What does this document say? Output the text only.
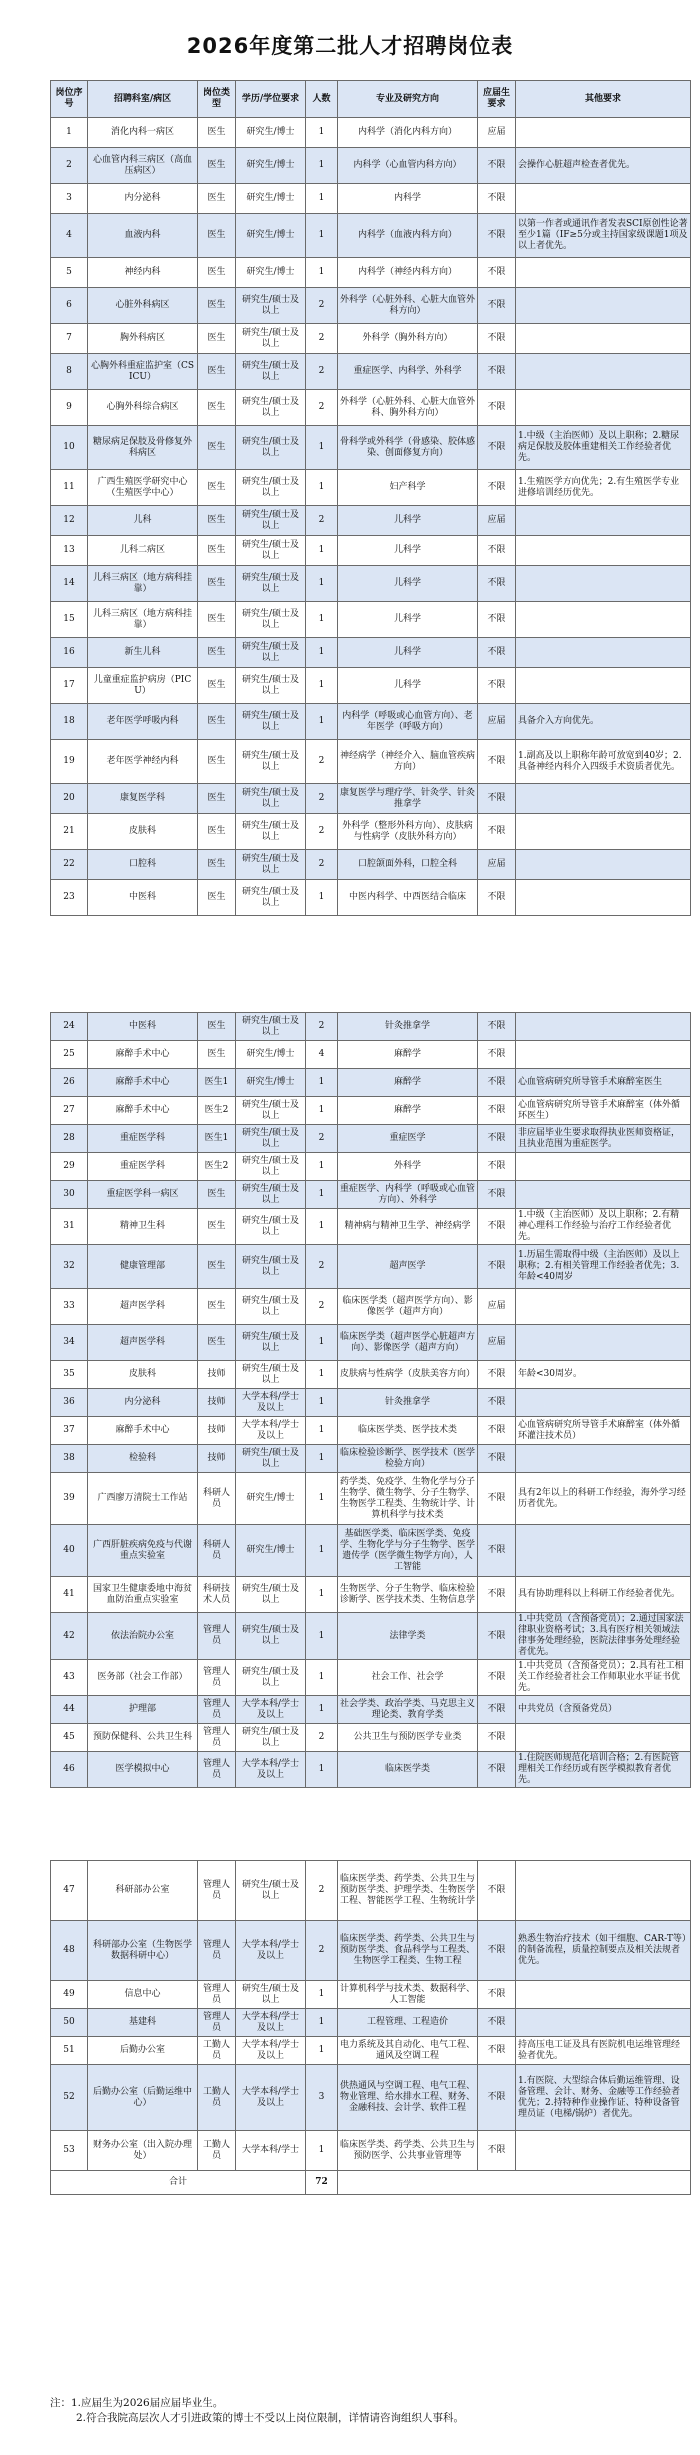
2026年度第二批人才招聘岗位表
岗位序号	招聘科室/病区	岗位类型	学历/学位要求	人数	专业及研究方向	应届生要求	其他要求
1	消化内科一病区	医生	研究生/博士	1	内科学（消化内科方向）	应届	
2	心血管内科三病区（高血压病区）	医生	研究生/博士	1	内科学（心血管内科方向）	不限	会操作心脏超声检查者优先。
3	内分泌科	医生	研究生/博士	1	内科学	不限	
4	血液内科	医生	研究生/博士	1	内科学（血液内科方向）	不限	以第一作者或通讯作者发表SCI原创性论著至少1篇（IF≥5分或主持国家级课题1项及以上者优先。
5	神经内科	医生	研究生/博士	1	内科学（神经内科方向）	不限	
6	心脏外科病区	医生	研究生/硕士及以上	2	外科学（心脏外科、心脏大血管外科方向）	不限	
7	胸外科病区	医生	研究生/硕士及以上	2	外科学（胸外科方向）	不限	
8	心胸外科重症监护室（CSICU）	医生	研究生/硕士及以上	2	重症医学、内科学、外科学	不限	
9	心胸外科综合病区	医生	研究生/硕士及以上	2	外科学（心脏外科、心脏大血管外科、胸外科方向）	不限	
10	糖尿病足保肢及骨修复外科病区	医生	研究生/硕士及以上	1	骨科学或外科学（骨感染、胶体感染、创面修复方向）	不限	1.中级（主治医师）及以上职称；2.糖尿病足保肢及胶体重建相关工作经验者优先。
11	广西生殖医学研究中心（生殖医学中心）	医生	研究生/硕士及以上	1	妇产科学	不限	1.生殖医学方向优先；2.有生殖医学专业进修培训经历优先。
12	儿科	医生	研究生/硕士及以上	2	儿科学	应届	
13	儿科二病区	医生	研究生/硕士及以上	1	儿科学	不限	
14	儿科三病区（地方病科挂靠）	医生	研究生/硕士及以上	1	儿科学	不限	
15	儿科三病区（地方病科挂靠）	医生	研究生/硕士及以上	1	儿科学	不限	
16	新生儿科	医生	研究生/硕士及以上	1	儿科学	不限	
17	儿童重症监护病房（PICU）	医生	研究生/硕士及以上	1	儿科学	不限	
18	老年医学呼吸内科	医生	研究生/硕士及以上	1	内科学（呼吸或心血管方向）、老年医学（呼吸方向）	应届	具备介入方向优先。
19	老年医学神经内科	医生	研究生/硕士及以上	2	神经病学（神经介入、脑血管疾病方向）	不限	1.副高及以上职称年龄可放宽到40岁；2.具备神经内科介入四级手术资质者优先。
20	康复医学科	医生	研究生/硕士及以上	2	康复医学与理疗学、针灸学、针灸推拿学	不限	
21	皮肤科	医生	研究生/硕士及以上	2	外科学（整形外科方向）、皮肤病与性病学（皮肤外科方向）	不限	
22	口腔科	医生	研究生/硕士及以上	2	口腔颌面外科，口腔全科	应届	
23	中医科	医生	研究生/硕士及以上	1	中医内科学、中西医结合临床	不限	
24	中医科	医生	研究生/硕士及以上	2	针灸推拿学	不限	
25	麻醉手术中心	医生	研究生/博士	4	麻醉学	不限	
26	麻醉手术中心	医生1	研究生/博士	1	麻醉学	不限	心血管病研究所导管手术麻醉室医生
27	麻醉手术中心	医生2	研究生/硕士及以上	1	麻醉学	不限	心血管病研究所导管手术麻醉室（体外循环医生）
28	重症医学科	医生1	研究生/硕士及以上	2	重症医学	不限	非应届毕业生要求取得执业医师资格证，且执业范围为重症医学。
29	重症医学科	医生2	研究生/硕士及以上	1	外科学	不限	
30	重症医学科一病区	医生	研究生/硕士及以上	1	重症医学、内科学（呼吸或心血管方向）、外科学	不限	
31	精神卫生科	医生	研究生/硕士及以上	1	精神病与精神卫生学、神经病学	不限	1.中级（主治医师）及以上职称；2.有精神心理科工作经验与治疗工作经验者优先。
32	健康管理部	医生	研究生/硕士及以上	2	超声医学	不限	1.历届生需取得中级（主治医师）及以上职称；2.有相关管理工作经验者优先；3.年龄<40周岁
33	超声医学科	医生	研究生/硕士及以上	2	临床医学类（超声医学方向）、影像医学（超声方向）	应届	
34	超声医学科	医生	研究生/硕士及以上	1	临床医学类（超声医学心脏超声方向）、影像医学（超声方向）	应届	
35	皮肤科	技师	研究生/硕士及以上	1	皮肤病与性病学（皮肤美容方向）	不限	年龄<30周岁。
36	内分泌科	技师	大学本科/学士及以上	1	针灸推拿学	不限	
37	麻醉手术中心	技师	大学本科/学士及以上	1	临床医学类、医学技术类	不限	心血管病研究所导管手术麻醉室（体外循环灌注技术员）
38	检验科	技师	研究生/硕士及以上	1	临床检验诊断学、医学技术（医学检验方向）	不限	
39	广西廖万清院士工作站	科研人员	研究生/博士	1	药学类、免疫学、生物化学与分子生物学、微生物学、分子生物学、生物医学工程类、生物统计学、计算机科学与技术类	不限	具有2年以上的科研工作经验，海外学习经历者优先。
40	广西肝脏疾病免疫与代谢重点实验室	科研人员	研究生/博士	1	基础医学类、临床医学类、免疫学、生物化学与分子生物学、医学遗传学（医学微生物学方向），人工智能	不限	
41	国家卫生健康委地中海贫血防治重点实验室	科研技术人员	研究生/硕士及以上	1	生物医学、分子生物学、临床检验诊断学、医学技术类、生物信息学	不限	具有协助理科以上科研工作经验者优先。
42	依法治院办公室	管理人员	研究生/硕士及以上	1	法律学类	不限	1.中共党员（含预备党员）；2.通过国家法律职业资格考试；3.具有医疗相关领域法律事务处理经验，医院法律事务处理经验者优先。
43	医务部（社会工作部）	管理人员	研究生/硕士及以上	1	社会工作、社会学	不限	1.中共党员（含预备党员）；2.具有社工相关工作经验者社会工作师职业水平证书优先。
44	护理部	管理人员	大学本科/学士及以上	1	社会学类、政治学类、马克思主义理论类、教育学类	不限	中共党员（含预备党员）
45	预防保健科、公共卫生科	管理人员	研究生/硕士及以上	2	公共卫生与预防医学专业类	不限	
46	医学模拟中心	管理人员	大学本科/学士及以上	1	临床医学类	不限	1.住院医师规范化培训合格；2.有医院管理相关工作经历或有医学模拟教育者优先。
47	科研部办公室	管理人员	研究生/硕士及以上	2	临床医学类、药学类、公共卫生与预防医学类、护理学类、生物医学工程、智能医学工程、生物统计学	不限	
48	科研部办公室（生物医学数据科研中心）	管理人员	大学本科/学士及以上	2	临床医学类、药学类、公共卫生与预防医学类、食品科学与工程类、生物医学工程类、生物工程	不限	熟悉生物治疗技术（如干细胞、CAR-T等）的制备流程，质量控制要点及相关法规者优先。
49	信息中心	管理人员	研究生/硕士及以上	1	计算机科学与技术类、数据科学、人工智能	不限	
50	基建科	管理人员	大学本科/学士及以上	1	工程管理、工程造价	不限	
51	后勤办公室	工勤人员	大学本科/学士及以上	1	电力系统及其自动化、电气工程、通风及空调工程	不限	持高压电工证及具有医院机电运维管理经验者优先。
52	后勤办公室（后勤运维中心）	工勤人员	大学本科/学士及以上	3	供热通风与空调工程、电气工程、物业管理、给水排水工程、财务、金融科技、会计学、软件工程	不限	1.有医院、大型综合体后勤运维管理、设备管理、会计、财务、金融等工作经验者优先；2.持特种作业操作证、特种设备管理员证（电梯/锅炉）者优先。
53	财务办公室（出入院办理处）	工勤人员	大学本科/学士	1	临床医学类、药学类、公共卫生与预防医学、公共事业管理等	不限	
合计				72			
注：1.应届生为2026届应届毕业生。
2.符合我院高层次人才引进政策的博士不受以上岗位限制，详情请咨询组织人事科。
